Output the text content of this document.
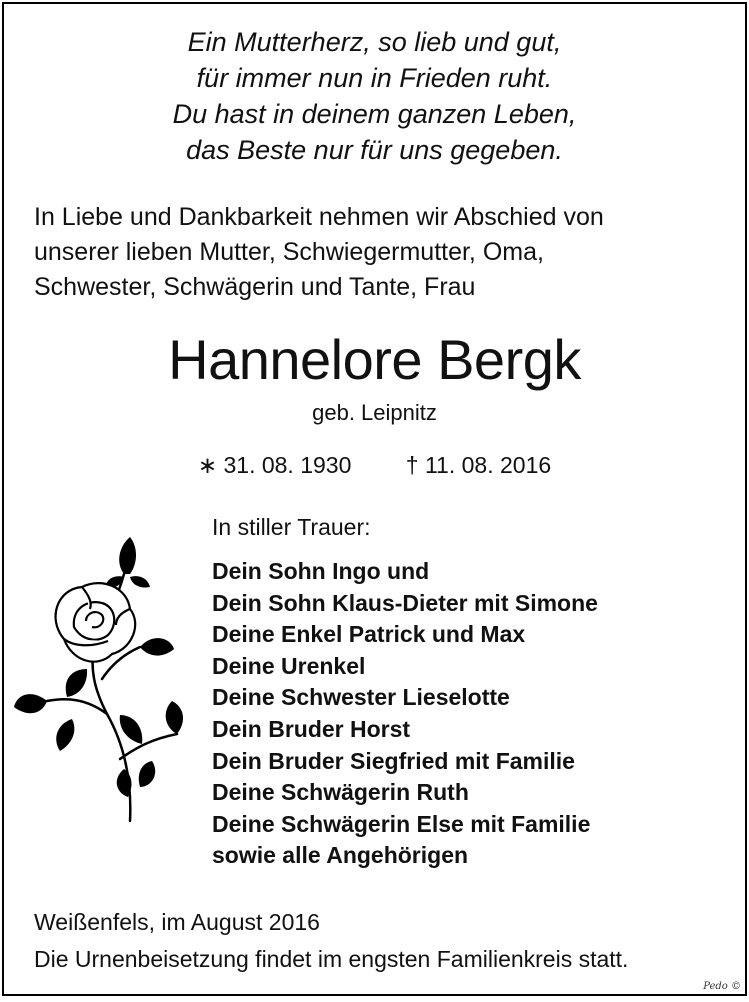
Ein Mutterherz, so lieb und gut,
für immer nun in Frieden ruht.
Du hast in deinem ganzen Leben,
das Beste nur für uns gegeben.
In Liebe und Dankbarkeit nehmen wir Abschied von
unserer lieben Mutter, Schwiegermutter, Oma,
Schwester, Schwägerin und Tante, Frau
Hannelore Bergk
geb. Leipnitz
∗ 31. 08. 1930 † 11. 08. 2016
In stiller Trauer:
Dein Sohn Ingo und
Dein Sohn Klaus-Dieter mit Simone
Deine Enkel Patrick und Max
Deine Urenkel
Deine Schwester Lieselotte
Dein Bruder Horst
Dein Bruder Siegfried mit Familie
Deine Schwägerin Ruth
Deine Schwägerin Else mit Familie
sowie alle Angehörigen
Weißenfels, im August 2016
Die Urnenbeisetzung findet im engsten Familienkreis statt.
Pedo ©
